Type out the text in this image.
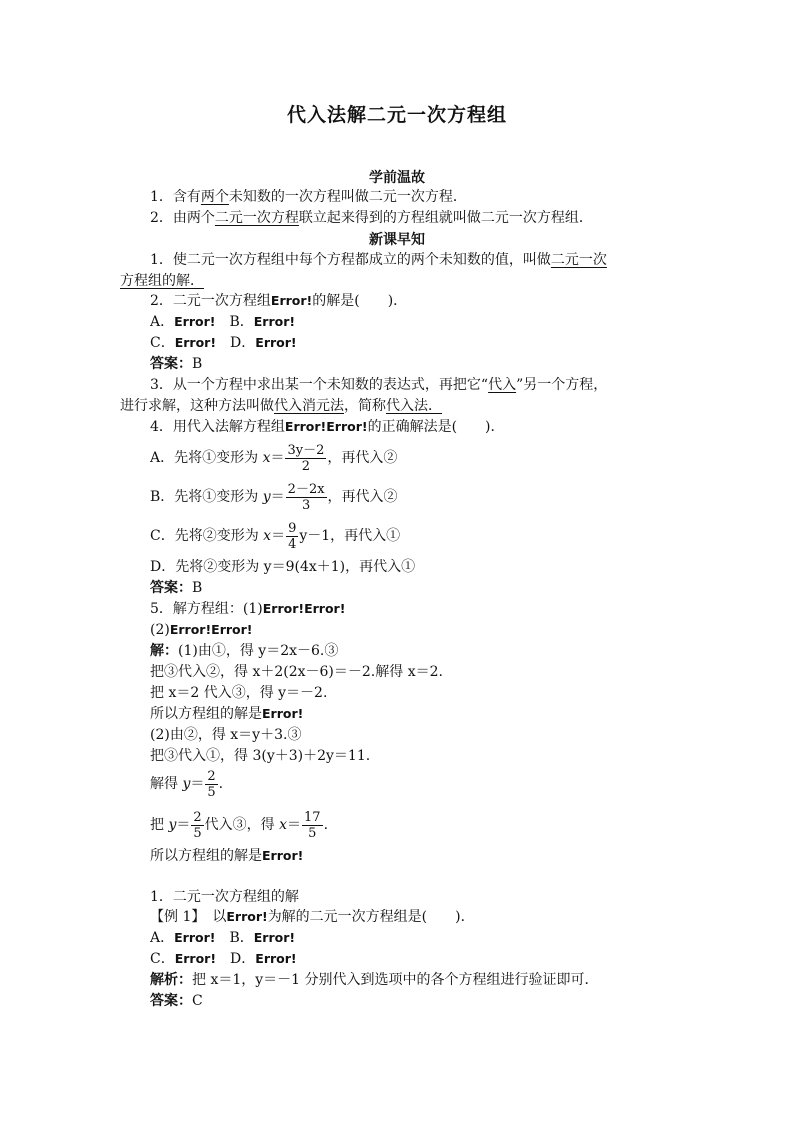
代入法解二元一次方程组
学前温故
1．含有两个未知数的一次方程叫做二元一次方程．
2．由两个二元一次方程联立起来得到的方程组就叫做二元一次方程组．
新课早知
1．使二元一次方程组中每个方程都成立的两个未知数的值，叫做二元一次
方程组的解．
2．二元一次方程组Error!的解是(　　)．
A．Error!　B．Error!
C．Error!　D．Error!
答案：B
3．从一个方程中求出某一个未知数的表达式，再把它“代入”另一个方程，
进行求解，这种方法叫做代入消元法，简称代入法．
4．用代入法解方程组Error!Error!的正确解法是(　　)．
A．先将①变形为 $x= \frac{3y-2}{2}$ ，再代入②
B．先将①变形为 $y= \frac{2-2x}{3}$ ，再代入②
C．先将②变形为 $x= \frac{9}{4} y-1$，再代入①
D．先将②变形为 y＝9(4x＋1)，再代入①
答案：B
5．解方程组：(1)Error!Error!
(2)Error!Error!
解：(1)由①，得 y＝2x－6.③
把③代入②，得 x＋2(2x－6)＝－2.解得 x＝2.
把 x＝2 代入③，得 y＝－2.
所以方程组的解是Error!
(2)由②，得 x＝y＋3.③
把③代入①，得 3(y＋3)＋2y＝11.
解得 $y= \frac{2}{5}$ .
把 $y= \frac{2}{5}$ 代入③，得 $x= \frac{17}{5}$ .
所以方程组的解是Error!
1．二元一次方程组的解
【例 1】　以Error!为解的二元一次方程组是(　　)．
A．Error!　B．Error!
C．Error!　D．Error!
解析：把 x＝1，y＝－1 分别代入到选项中的各个方程组进行验证即可．
答案：C
